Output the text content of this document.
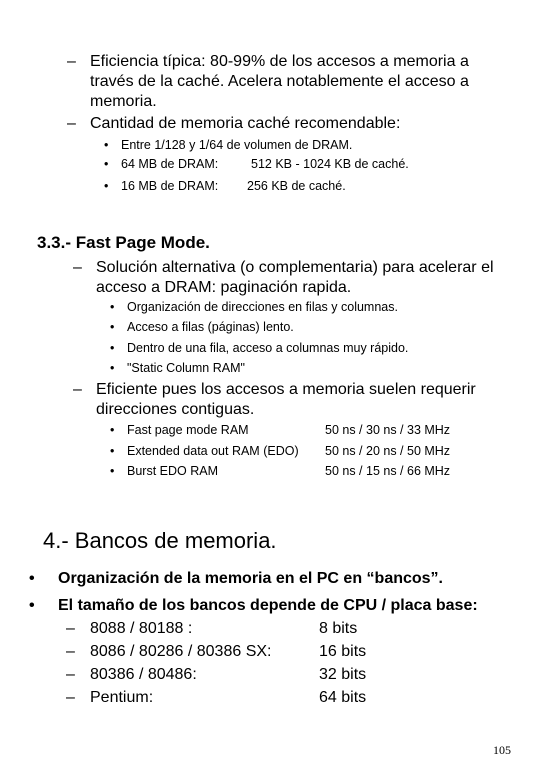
– Eficiencia típica: 80-99% de los accesos a memoria a
través de la caché. Acelera notablemente el acceso a
memoria.
– Cantidad de memoria caché recomendable:
• Entre 1/128 y 1/64 de volumen de DRAM.
• 64 MB de DRAM:	512 KB - 1024 KB de caché.
• 16 MB de DRAM: 256 KB de caché.
3.3.- Fast Page Mode.
– Solución alternativa (o complementaria) para acelerar el
acceso a DRAM: paginación rapida.
• Organización de direcciones en filas y columnas.
• Acceso a filas (páginas) lento.
• Dentro de una fila, acceso a columnas muy rápido.
• "Static Column RAM"
– Eficiente pues los accesos a memoria suelen requerir
direcciones contiguas.
• Fast page mode RAM	50 ns / 30 ns / 33 MHz
• Extended data out RAM (EDO) 50 ns / 20 ns / 50 MHz
• Burst EDO RAM	50 ns / 15 ns / 66 MHz
4.- Bancos de memoria.
• Organización de la memoria en el PC en “bancos”.
• El tamaño de los bancos depende de CPU / placa base:
– 8088 / 80188 :	8 bits
– 8086 / 80286 / 80386 SX:	16 bits
– 80386 / 80486:	32 bits
– Pentium:	64 bits
105
